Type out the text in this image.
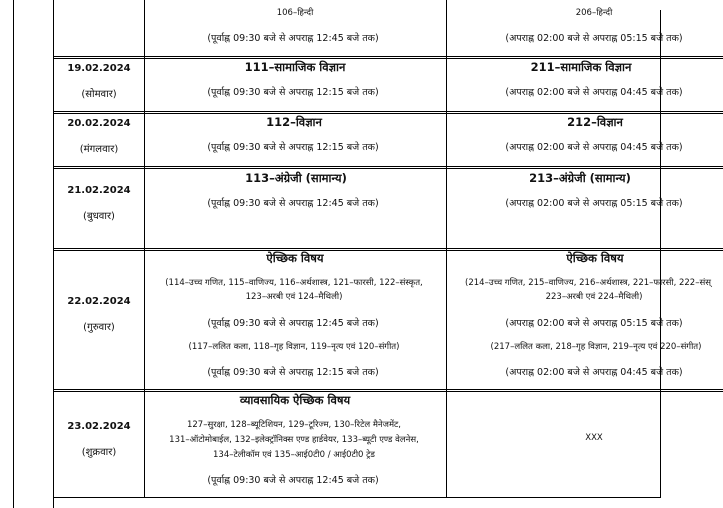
106–हिन्दी
(पूर्वाह्न 09:30 बजे से अपराह्न 12:45 बजे तक)
206–हिन्दी
(अपराह्न 02:00 बजे से अपराह्न 05:15 बजे तक)
19.02.2024
(सोमवार)
111–सामाजिक विज्ञान
(पूर्वाह्न 09:30 बजे से अपराह्न 12:15 बजे तक)
211–सामाजिक विज्ञान
(अपराह्न 02:00 बजे से अपराह्न 04:45 बजे तक)
20.02.2024
(मंगलवार)
112–विज्ञान
(पूर्वाह्न 09:30 बजे से अपराह्न 12:15 बजे तक)
212–विज्ञान
(अपराह्न 02:00 बजे से अपराह्न 04:45 बजे तक)
21.02.2024
(बुधवार)
113–अंग्रेजी (सामान्य)
(पूर्वाह्न 09:30 बजे से अपराह्न 12:45 बजे तक)
213–अंग्रेजी (सामान्य)
(अपराह्न 02:00 बजे से अपराह्न 05:15 बजे तक)
22.02.2024
(गुरुवार)
ऐच्छिक विषय
(114–उच्च गणित, 115–वाणिज्य, 116–अर्थशास्त्र, 121–फारसी, 122–संस्कृत,
123–अरबी एवं 124–मैथिली)
(पूर्वाह्न 09:30 बजे से अपराह्न 12:45 बजे तक)
(117–ललित कला, 118–गृह विज्ञान, 119–नृत्य एवं 120–संगीत)
(पूर्वाह्न 09:30 बजे से अपराह्न 12:15 बजे तक)
ऐच्छिक विषय
(214–उच्च गणित, 215–वाणिज्य, 216–अर्थशास्त्र, 221–फारसी, 222–संस्
223–अरबी एवं 224–मैथिली)
(अपराह्न 02:00 बजे से अपराह्न 05:15 बजे तक)
(217–ललित कला, 218–गृह विज्ञान, 219–नृत्य एवं 220–संगीत)
(अपराह्न 02:00 बजे से अपराह्न 04:45 बजे तक)
23.02.2024
(शुक्रवार)
व्यावसायिक ऐच्छिक विषय
127–सुरक्षा, 128–ब्यूटिशियन, 129–टूरिज्म, 130–रिटेल मैनेजमेंट,
131–ऑटोमोबाईल, 132–इलेक्ट्रॉनिक्स एण्ड हार्डवेयर, 133–ब्यूटी एण्ड वेलनेस,
134–टेलीकॉम एवं 135–आई0टी0 / आई0टी0 ट्रेड
(पूर्वाह्न 09:30 बजे से अपराह्न 12:45 बजे तक)
XXX
